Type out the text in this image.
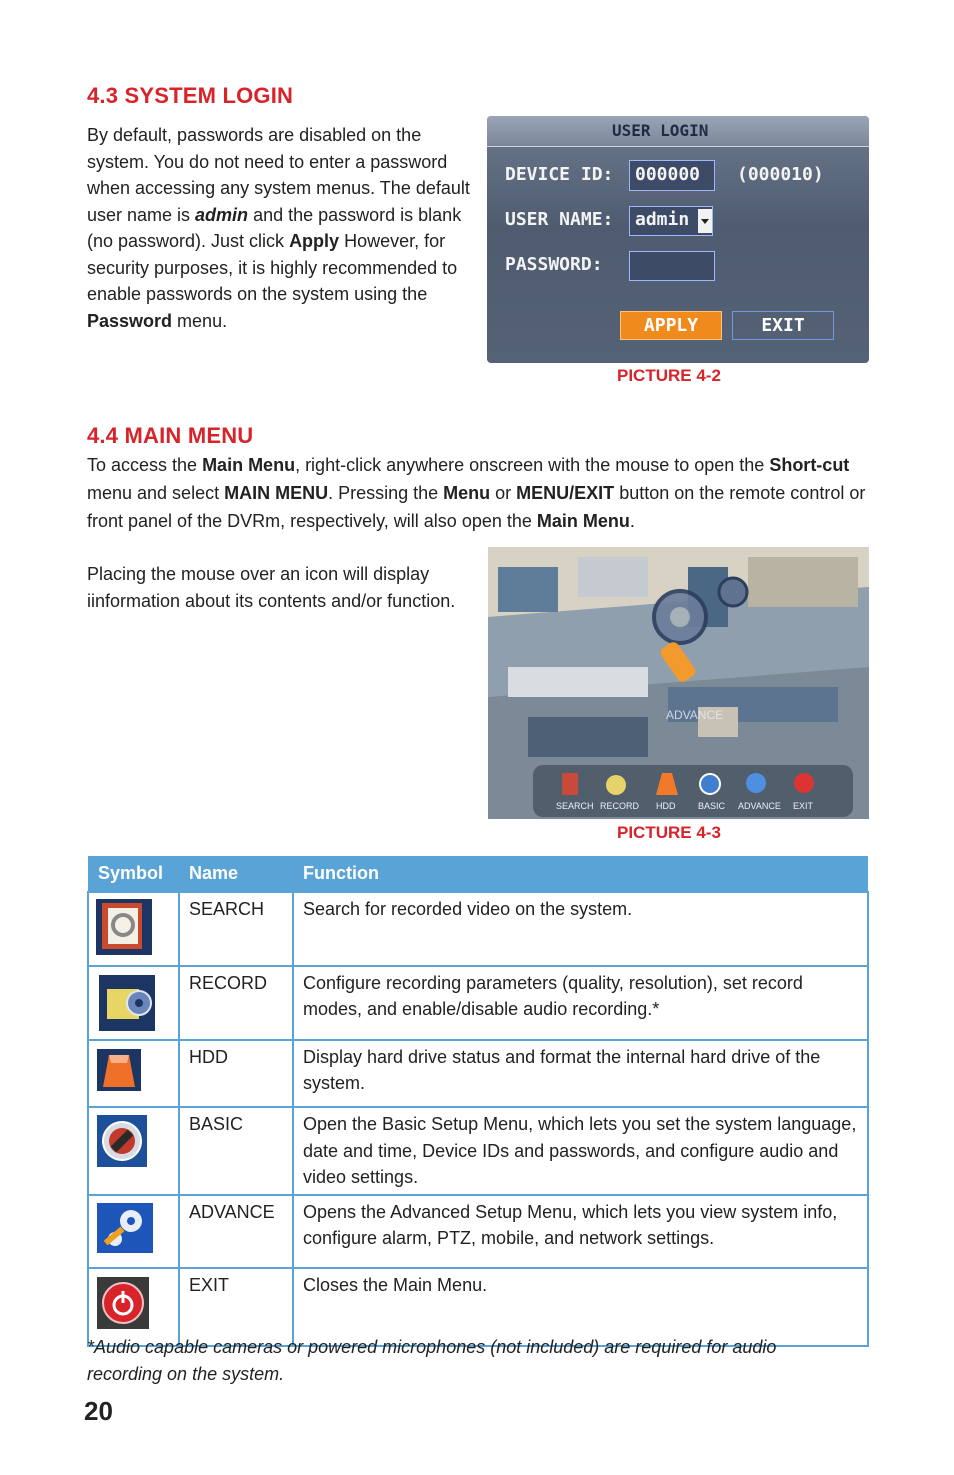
4.3 SYSTEM LOGIN
By default, passwords are disabled on the system. You do not need to enter a password when accessing any system menus. The default user name is admin and the password is blank (no password). Just click Apply However, for security purposes, it is highly recommended to enable passwords on the system using the Password menu.
USER LOGIN
DEVICE ID: 000000 (000010)
USER NAME: admin
PASSWORD:
APPLY	EXIT
PICTURE 4-2
4.4 MAIN MENU
To access the Main Menu, right-click anywhere onscreen with the mouse to open the Short-cut menu and select MAIN MENU. Pressing the Menu or MENU/EXIT button on the remote control or front panel of the DVRm, respectively, will also open the Main Menu.
Placing the mouse over an icon will display iinformation about its contents and/or function.
ADVANCE
SEARCH RECORD HDD	BASIC ADVANCE EXIT
PICTURE 4-3
Symbol	Name	Function

	SEARCH	Search for recorded video on the system.

	RECORD	Configure recording parameters (quality, resolution), set record modes, and enable/disable audio recording.*
	HDD	Display hard drive status and format the internal hard drive of the system.
	BASIC	Open the Basic Setup Menu, which lets you set the system language, date and time, Device IDs and passwords, and configure audio and video settings.
	ADVANCE	Opens the Advanced Setup Menu, which lets you view system info, configure alarm, PTZ, mobile, and network settings.
	EXIT	Closes the Main Menu.
*Audio capable cameras or powered microphones (not included) are required for audio recording on the system.
20
